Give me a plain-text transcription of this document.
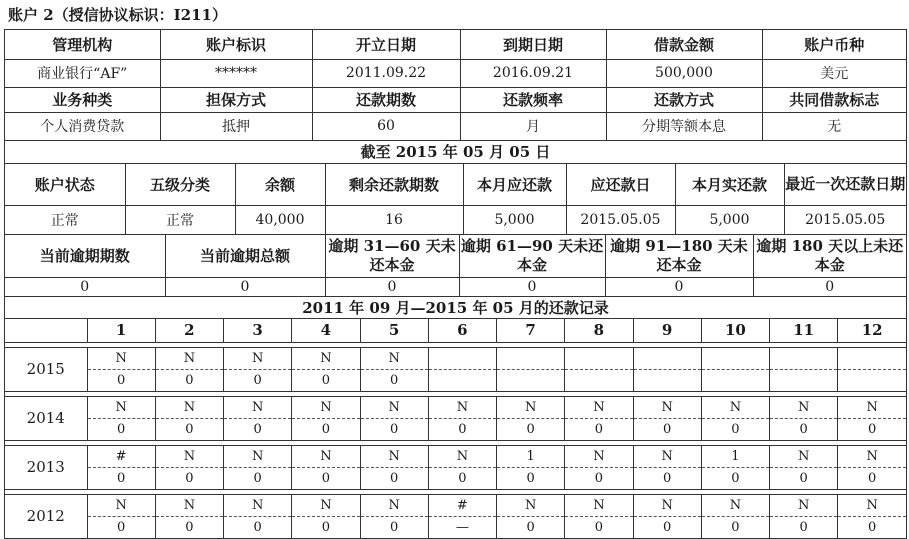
账户 2（授信协议标识：I211）
管理机构	账户标识	开立日期	到期日期	借款金额	账户币种
商业银行“AF”	******	2011.09.22	2016.09.21	500,000	美元
业务种类	担保方式	还款期数	还款频率	还款方式	共同借款标志
个人消费贷款	抵押	60	月	分期等额本息	无
截至 2015 年 05 月 05 日					
账户状态	五级分类	余额	剩余还款期数	本月应还款	应还款日	本月实还款	最近一次还款日期
正常	正常	40,000	16	5,000	2015.05.05	5,000	2015.05.05
当前逾期期数	当前逾期总额	逾期 31—60 天未还本金	逾期 61—90 天未还本金	逾期 91—180 天未还本金	逾期 180 天以上未还本金
0	0	0	0	0	0
2011 年 09 月—2015 年 05 月的还款记录					
	1	2	3	4	5	6	7	8	9	10	11	12

2015	N	N	N	N	N							
	0	0	0	0	0							

2014	N	N	N	N	N	N	N	N	N	N	N	N
	0	0	0	0	0	0	0	0	0	0	0	0

2013	#	N	N	N	N	N	1	N	N	1	N	N
	0	0	0	0	0	0	0	0	0	0	0	0

2012	N	N	N	N	N	#	N	N	N	N	N	N
	0	0	0	0	0	—	0	0	0	0	0	0
